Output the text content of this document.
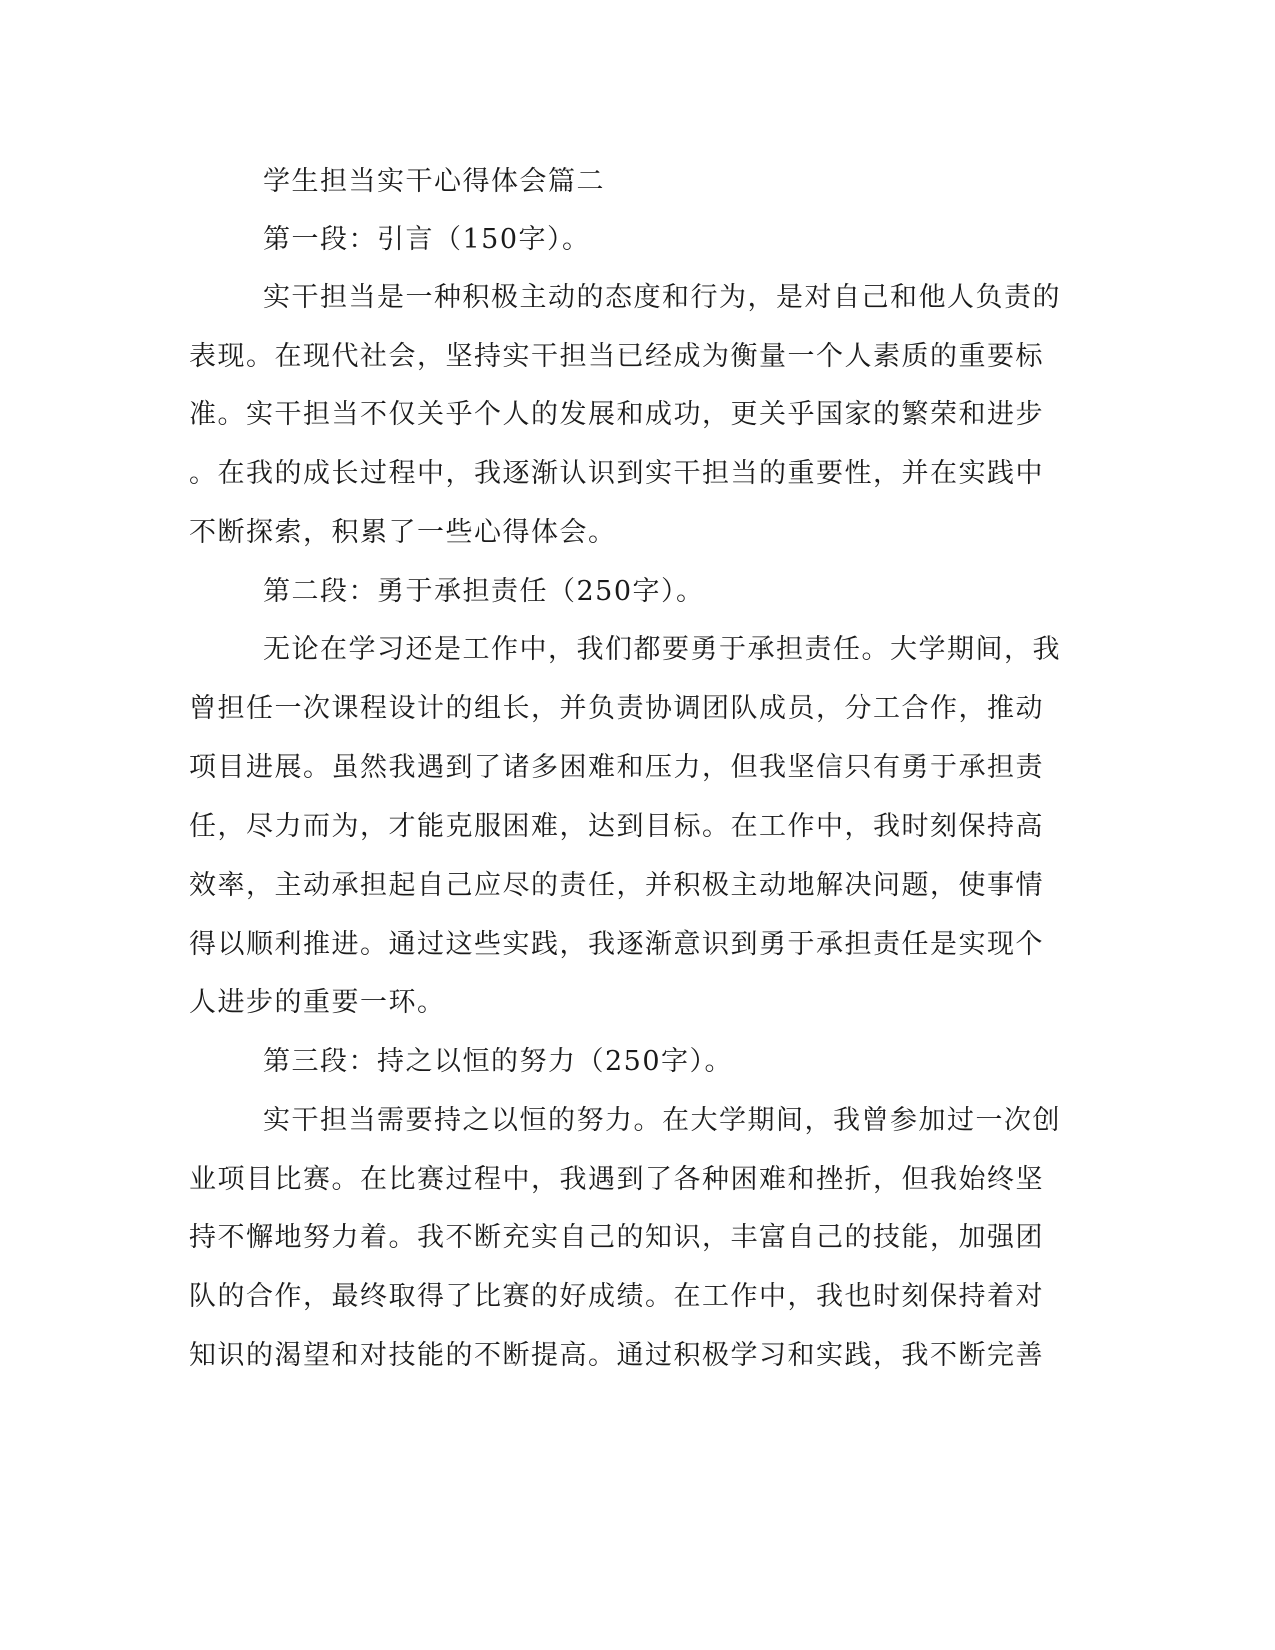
学生担当实干心得体会篇二
第一段：引言（150字）。
实干担当是一种积极主动的态度和行为，是对自己和他人负责的
表现。在现代社会，坚持实干担当已经成为衡量一个人素质的重要标
准。实干担当不仅关乎个人的发展和成功，更关乎国家的繁荣和进步
。在我的成长过程中，我逐渐认识到实干担当的重要性，并在实践中
不断探索，积累了一些心得体会。
第二段：勇于承担责任（250字）。
无论在学习还是工作中，我们都要勇于承担责任。大学期间，我
曾担任一次课程设计的组长，并负责协调团队成员，分工合作，推动
项目进展。虽然我遇到了诸多困难和压力，但我坚信只有勇于承担责
任，尽力而为，才能克服困难，达到目标。在工作中，我时刻保持高
效率，主动承担起自己应尽的责任，并积极主动地解决问题，使事情
得以顺利推进。通过这些实践，我逐渐意识到勇于承担责任是实现个
人进步的重要一环。
第三段：持之以恒的努力（250字）。
实干担当需要持之以恒的努力。在大学期间，我曾参加过一次创
业项目比赛。在比赛过程中，我遇到了各种困难和挫折，但我始终坚
持不懈地努力着。我不断充实自己的知识，丰富自己的技能，加强团
队的合作，最终取得了比赛的好成绩。在工作中，我也时刻保持着对
知识的渴望和对技能的不断提高。通过积极学习和实践，我不断完善
